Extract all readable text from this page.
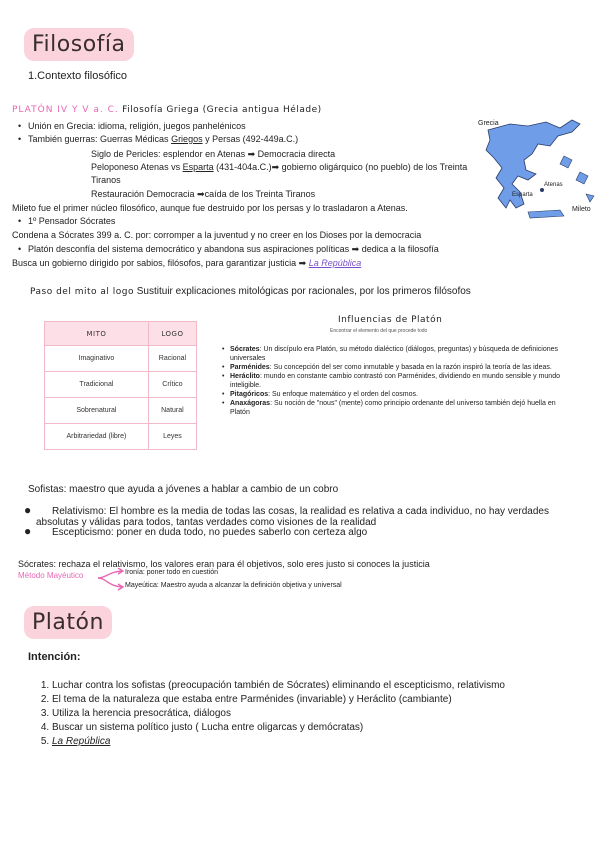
Filosofía
1.Contexto filosófico
PLATÓN IV Y V a. C. Filosofía Griega (Grecia antigua Hélade)
Grecia
Atenas
Mileto
Esparta
• Unión en Grecia: idioma, religión, juegos panhelénicos
• También guerras: Guerras Médicas Griegos y Persas (492-449a.C.)
Siglo de Pericles: esplendor en Atenas ➡ Democracia directa
Peloponeso Atenas vs Esparta (431-404a.C.)➡ gobierno oligárquico (no pueblo) de los Treinta
Tiranos
Restauración Democracia ➡caída de los Treinta Tiranos
Mileto fue el primer núcleo filosófico, aunque fue destruido por los persas y lo trasladaron a Atenas.
• 1º Pensador Sócrates
Condena a Sócrates 399 a. C. por: corromper a la juventud y no creer en los Dioses por la democracia
• Platón desconfía del sistema democrático y abandona sus aspiraciones políticas ➡ dedica a la filosofía
Busca un gobierno dirigido por sabios, filósofos, para garantizar justicia ➡ La República
Paso del mito al logo Sustituir explicaciones mitológicas por racionales, por los primeros filósofos
MITO	LOGO
Imaginativo	Racional
Tradicional	Crítico
Sobrenatural	Natural
Arbitrariedad (libre)	Leyes
Influencias de Platón
Encontrar el elemento del que procede todo
• Sócrates: Un discípulo era Platón, su método dialéctico (diálogos, preguntas) y búsqueda de definiciones universales
• Parménides: Su concepción del ser como inmutable y basada en la razón inspiró la teoría de las ideas.
• Heráclito: mundo en constante cambio contrastó con Parménides, dividiendo en mundo sensible y mundo inteligible.
• Pitagóricos: Su enfoque matemático y el orden del cosmos.
• Anaxágoras: Su noción de "nous" (mente) como principio ordenante del universo también dejó huella en Platón
Sofistas: maestro que ayuda a jóvenes a hablar a cambio de un cobro
● Relativismo: El hombre es la media de todas las cosas, la realidad es relativa a cada individuo, no hay verdades absolutas y válidas para todos, tantas verdades como visiones de la realidad
● Escepticismo: poner en duda todo, no puedes saberlo con certeza algo
Sócrates: rechaza el relativismo, los valores eran para él objetivos, solo eres justo si conoces la justicia
Método Mayéutico	Ironía: poner todo en cuestión
Mayeútica: Maestro ayuda a alcanzar la definición objetiva y universal
Platón
Intención:
1. Luchar contra los sofistas (preocupación también de Sócrates) eliminando el escepticismo, relativismo
2. El tema de la naturaleza que estaba entre Parménides (invariable) y Heráclito (cambiante)
3. Utiliza la herencia presocrática, diálogos
4. Buscar un sistema político justo ( Lucha entre oligarcas y demócratas)
5. La República
